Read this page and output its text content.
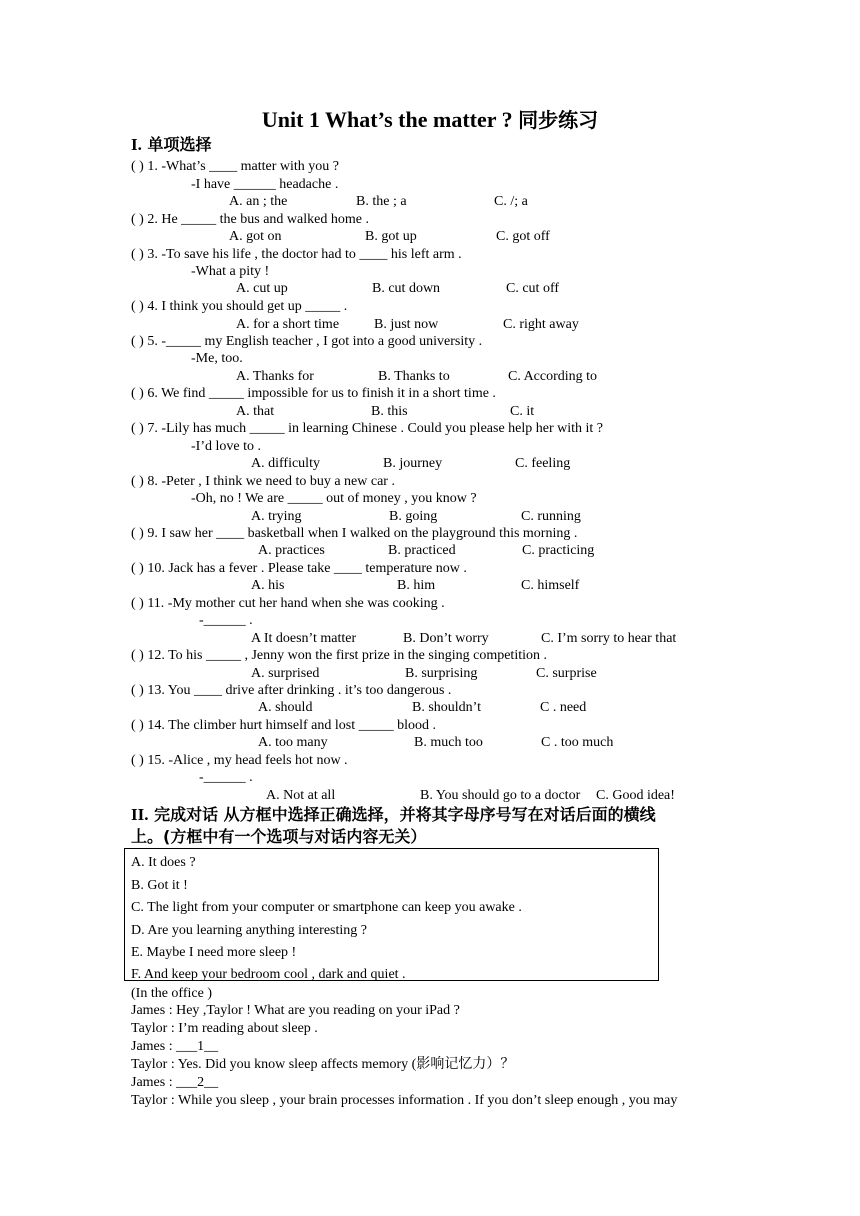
Unit 1 What’s the matter ? 同步练习
I. 单项选择
( ) 1. -What’s ____ matter with you ?
-I have ______ headache .
A. an ; the	B. the ; a	C. /; a
( ) 2. He _____ the bus and walked home .
A. got on	B. got up	C. got off
( ) 3. -To save his life , the doctor had to ____ his left arm .
-What a pity !
A. cut up	B. cut down	C. cut off
( ) 4. I think you should get up _____ .
A. for a short time B. just now	C. right away
( ) 5. -_____ my English teacher , I got into a good university .
-Me, too.
A. Thanks for	B. Thanks to	C. According to
( ) 6. We find _____ impossible for us to finish it in a short time .
A. that	B. this	C. it
( ) 7. -Lily has much _____ in learning Chinese . Could you please help her with it ?
-I’d love to .
A. difficulty	B. journey	C. feeling
( ) 8. -Peter , I think we need to buy a new car .
-Oh, no ! We are _____ out of money , you know ?
A. trying	B. going	C. running
( ) 9. I saw her ____ basketball when I walked on the playground this morning .
A. practices	B. practiced	C. practicing
( ) 10. Jack has a fever . Please take ____ temperature now .
A. his	B. him	C. himself
( ) 11. -My mother cut her hand when she was cooking .
-______ .
A It doesn’t matter	B. Don’t worry	C. I’m sorry to hear that
( ) 12. To his _____ , Jenny won the first prize in the singing competition .
A. surprised	B. surprising	C. surprise
( ) 13. You ____ drive after drinking . it’s too dangerous .
A. should	B. shouldn’t	C . need
( ) 14. The climber hurt himself and lost _____ blood .
A. too many	B. much too	C . too much
( ) 15. -Alice , my head feels hot now .
-______ .
A. Not at all	B. You should go to a doctor C. Good idea!
II. 完成对话 从方框中选择正确选择，并将其字母序号写在对话后面的横线
上。(方框中有一个选项与对话内容无关）
A. It does ?
B. Got it !
C. The light from your computer or smartphone can keep you awake .
D. Are you learning anything interesting ?
E. Maybe I need more sleep !
F. And keep your bedroom cool , dark and quiet .
(In the office )
James : Hey ,Taylor ! What are you reading on your iPad ?
Taylor : I’m reading about sleep .
James : ___1__
Taylor : Yes. Did you know sleep affects memory (影响记忆力）？
James : ___2__
Taylor : While you sleep , your brain processes information . If you don’t sleep enough , you may
